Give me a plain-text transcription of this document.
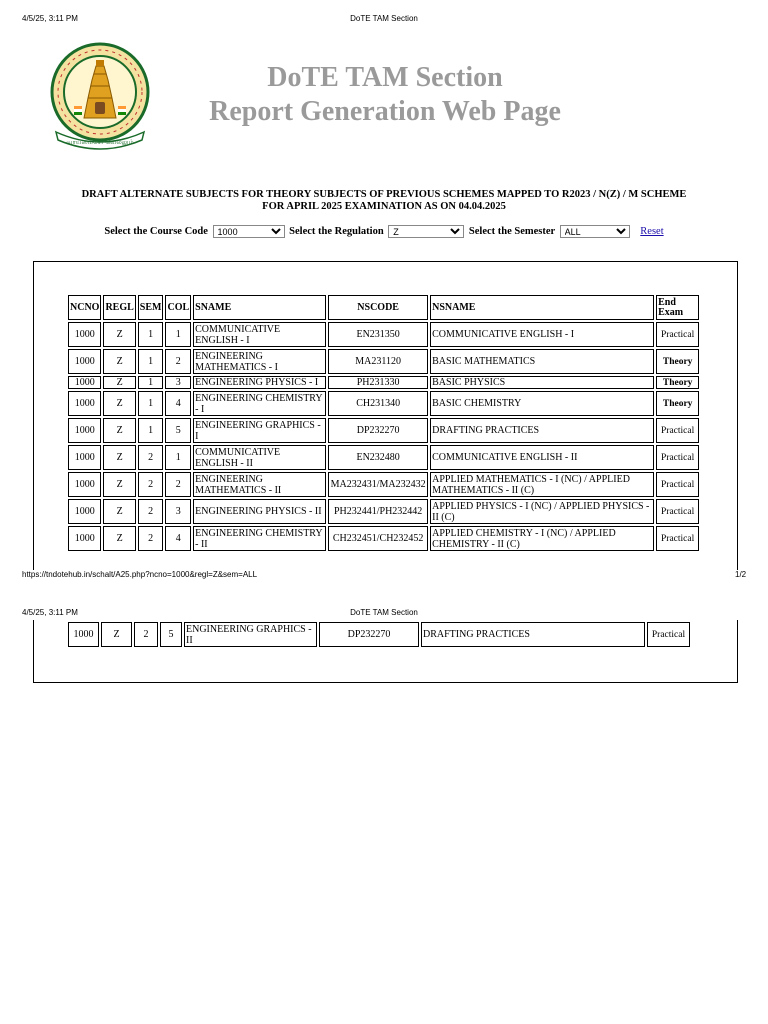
4/5/25, 3:11 PM	DoTE TAM Section
வாய்மையே வெல்லும்
DoTE TAM Section
Report Generation Web Page
DRAFT ALTERNATE SUBJECTS FOR THEORY SUBJECTS OF PREVIOUS SCHEMES MAPPED TO R2023 / N(Z) / M SCHEME
FOR APRIL 2025 EXAMINATION AS ON 04.04.2025
Select the Course Code
1000	Select the Regulation
Z	Select the Semester
ALL	Reset
NCNO	REGL	SEM	COL	SNAME	NSCODE	NSNAME	End Exam
1000	Z	1	1	COMMUNICATIVE ENGLISH - I	EN231350	COMMUNICATIVE ENGLISH - I	Practical
1000	Z	1	2	ENGINEERING MATHEMATICS - I	MA231120	BASIC MATHEMATICS	Theory
1000	Z	1	3	ENGINEERING PHYSICS - I	PH231330	BASIC PHYSICS	Theory
1000	Z	1	4	ENGINEERING CHEMISTRY - I	CH231340	BASIC CHEMISTRY	Theory
1000	Z	1	5	ENGINEERING GRAPHICS - I	DP232270	DRAFTING PRACTICES	Practical
1000	Z	2	1	COMMUNICATIVE ENGLISH - II	EN232480	COMMUNICATIVE ENGLISH - II	Practical
1000	Z	2	2	ENGINEERING MATHEMATICS - II	MA232431/MA232432	APPLIED MATHEMATICS - I (NC) / APPLIED MATHEMATICS - II (C)	Practical
1000	Z	2	3	ENGINEERING PHYSICS - II	PH232441/PH232442	APPLIED PHYSICS - I (NC) / APPLIED PHYSICS - II (C)	Practical
1000	Z	2	4	ENGINEERING CHEMISTRY - II	CH232451/CH232452	APPLIED CHEMISTRY - I (NC) / APPLIED CHEMISTRY - II (C)	Practical
https://tndotehub.in/schalt/A25.php?ncno=1000&regl=Z&sem=ALL	1/2
4/5/25, 3:11 PM	DoTE TAM Section
1000	Z	2	5	ENGINEERING GRAPHICS - II	DP232270	DRAFTING PRACTICES	Practical
